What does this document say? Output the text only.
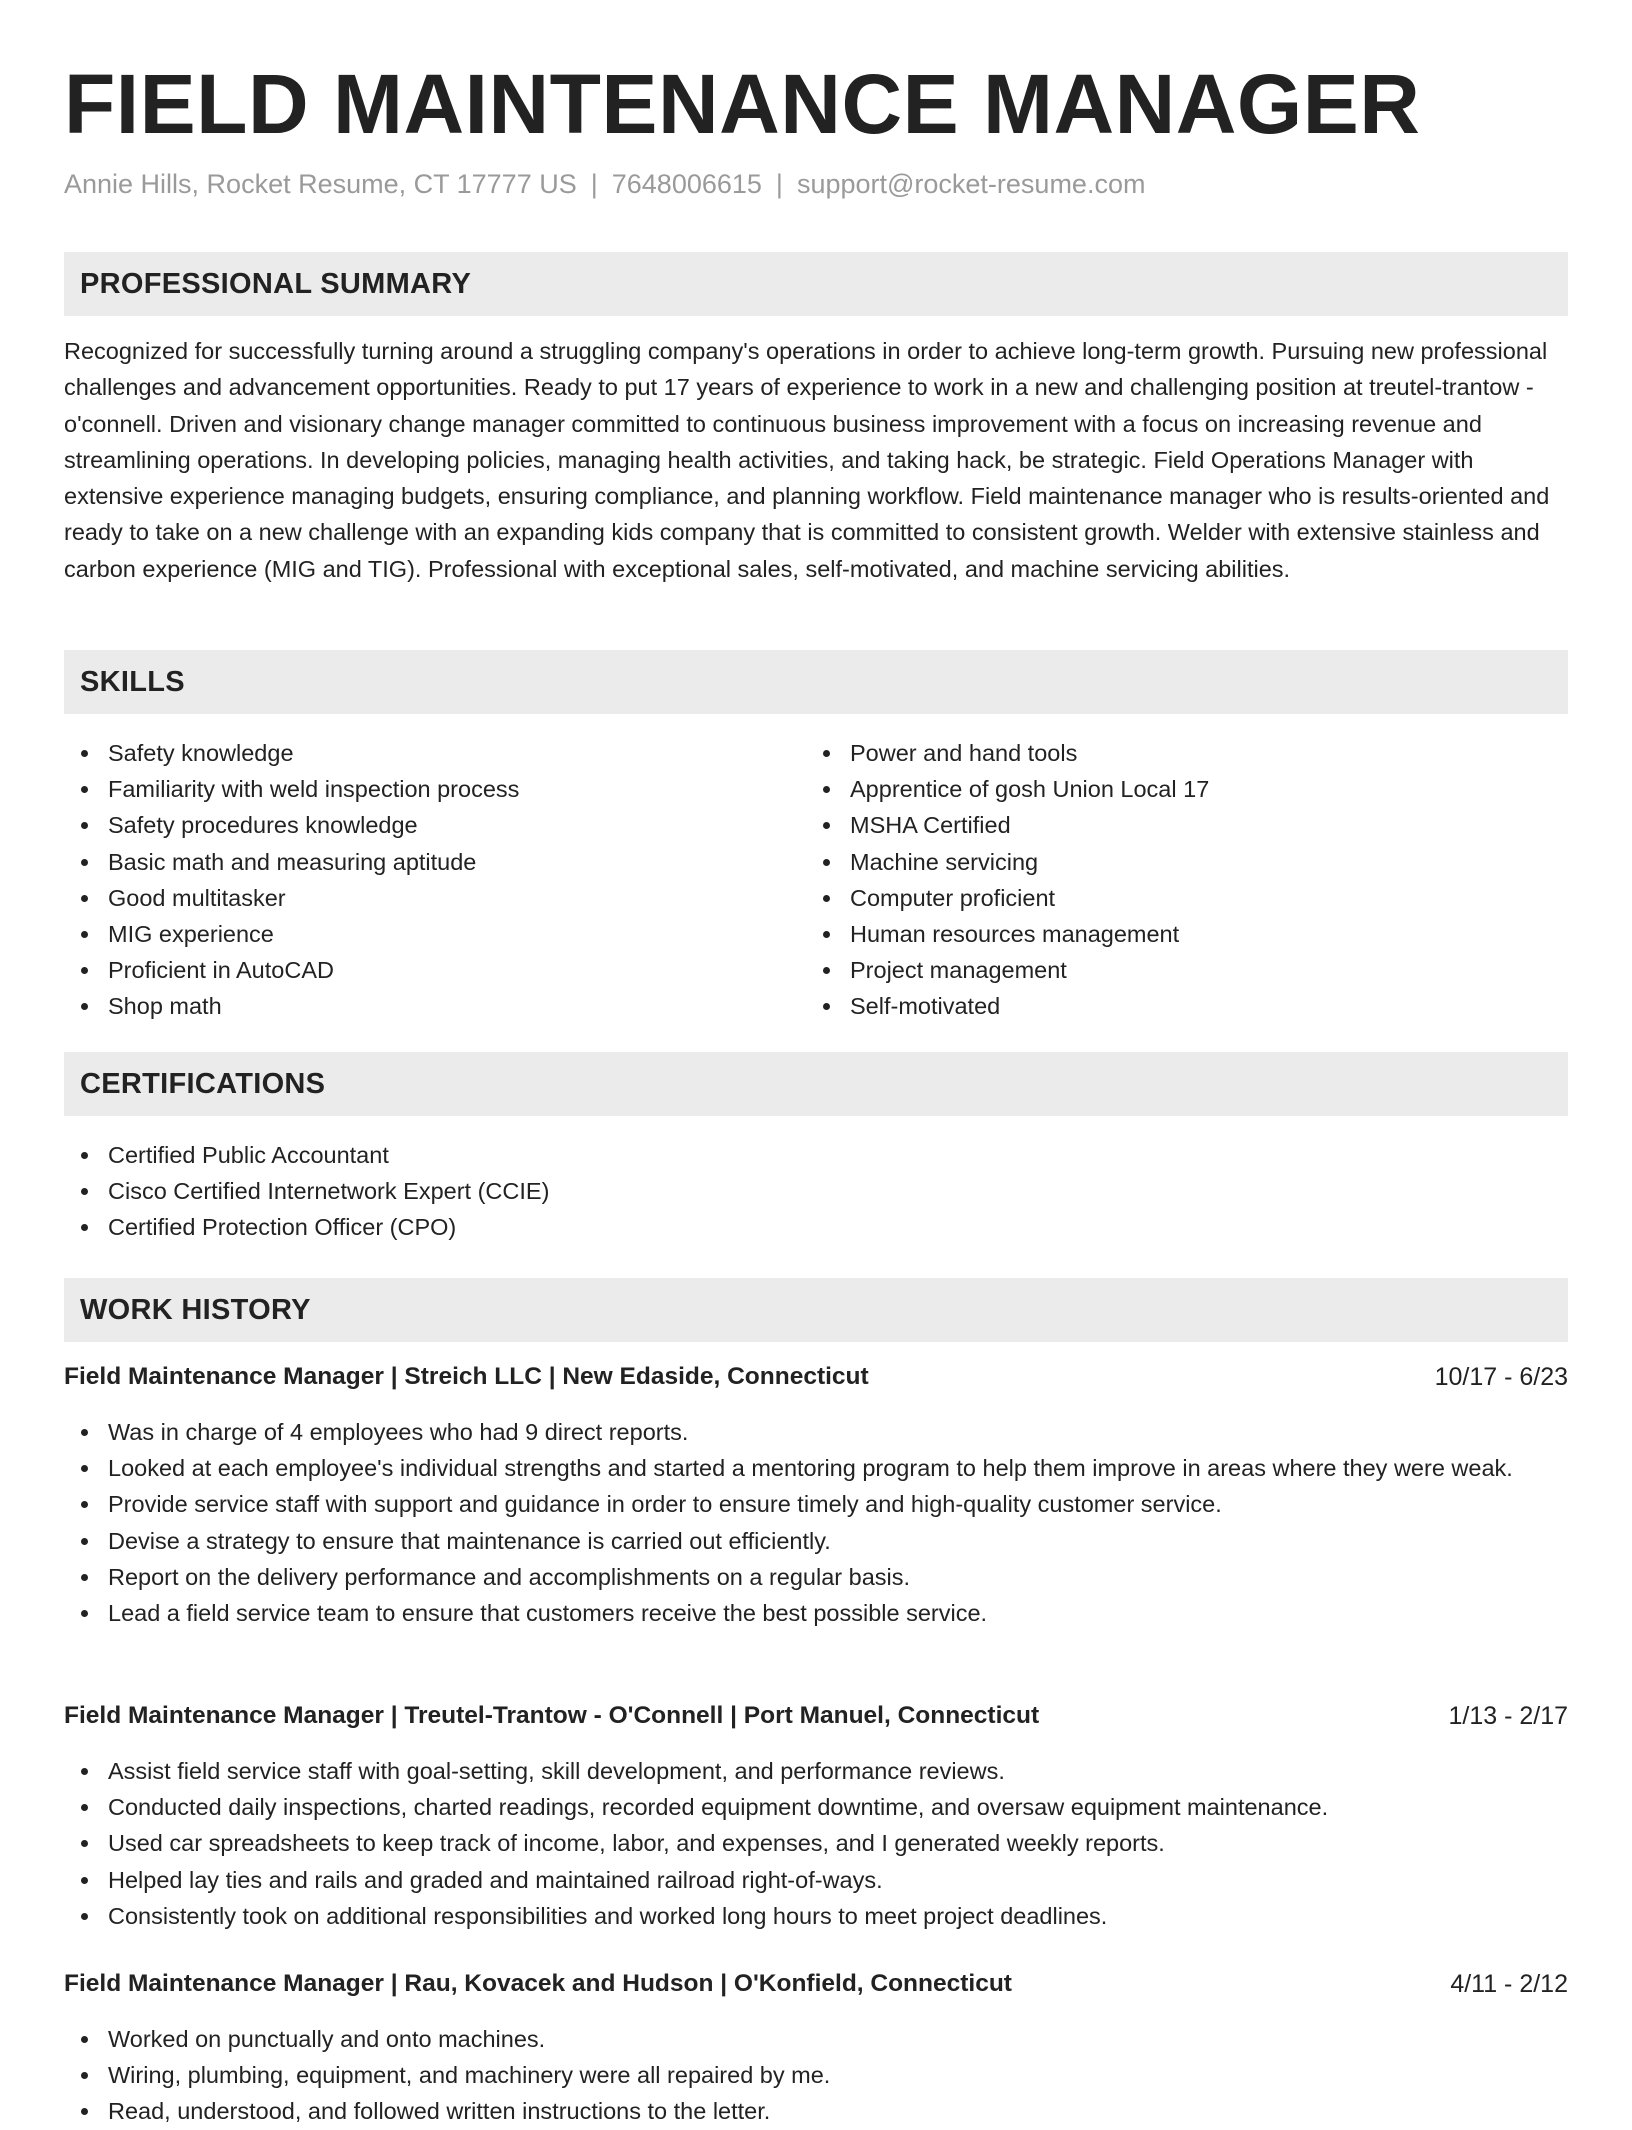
FIELD MAINTENANCE MANAGER
Annie Hills, Rocket Resume, CT 17777 US | 7648006615 | support@rocket-resume.com
PROFESSIONAL SUMMARY

Recognized for successfully turning around a struggling company's operations in order to achieve long-term growth. Pursuing new professional challenges and advancement opportunities. Ready to put 17 years of experience to work in a new and challenging position at treutel-trantow - o'connell. Driven and visionary change manager committed to continuous business improvement with a focus on increasing revenue and streamlining operations. In developing policies, managing health activities, and taking hack, be strategic. Field Operations Manager with extensive experience managing budgets, ensuring compliance, and planning workflow. Field maintenance manager who is results-oriented and ready to take on a new challenge with an expanding kids company that is committed to consistent growth. Welder with extensive stainless and carbon experience (MIG and TIG). Professional with exceptional sales, self-motivated, and machine servicing abilities.

SKILLS
Safety knowledge
Familiarity with weld inspection process
Safety procedures knowledge
Basic math and measuring aptitude
Good multitasker
MIG experience
Proficient in AutoCAD
Shop math
Power and hand tools
Apprentice of gosh Union Local 17
MSHA Certified
Machine servicing
Computer proficient
Human resources management
Project management
Self-motivated
CERTIFICATIONS
Certified Public Accountant
Cisco Certified Internetwork Expert (CCIE)
Certified Protection Officer (CPO)
WORK HISTORY
Field Maintenance Manager | Streich LLC | New Edaside, Connecticut	10/17 - 6/23
Was in charge of 4 employees who had 9 direct reports.
Looked at each employee's individual strengths and started a mentoring program to help them improve in areas where they were weak.
Provide service staff with support and guidance in order to ensure timely and high-quality customer service.
Devise a strategy to ensure that maintenance is carried out efficiently.
Report on the delivery performance and accomplishments on a regular basis.
Lead a field service team to ensure that customers receive the best possible service.
Field Maintenance Manager | Treutel-Trantow - O'Connell | Port Manuel, Connecticut	1/13 - 2/17
Assist field service staff with goal-setting, skill development, and performance reviews.
Conducted daily inspections, charted readings, recorded equipment downtime, and oversaw equipment maintenance.
Used car spreadsheets to keep track of income, labor, and expenses, and I generated weekly reports.
Helped lay ties and rails and graded and maintained railroad right-of-ways.
Consistently took on additional responsibilities and worked long hours to meet project deadlines.
Field Maintenance Manager | Rau, Kovacek and Hudson | O'Konfield, Connecticut	4/11 - 2/12
Worked on punctually and onto machines.
Wiring, plumbing, equipment, and machinery were all repaired by me.
Read, understood, and followed written instructions to the letter.
